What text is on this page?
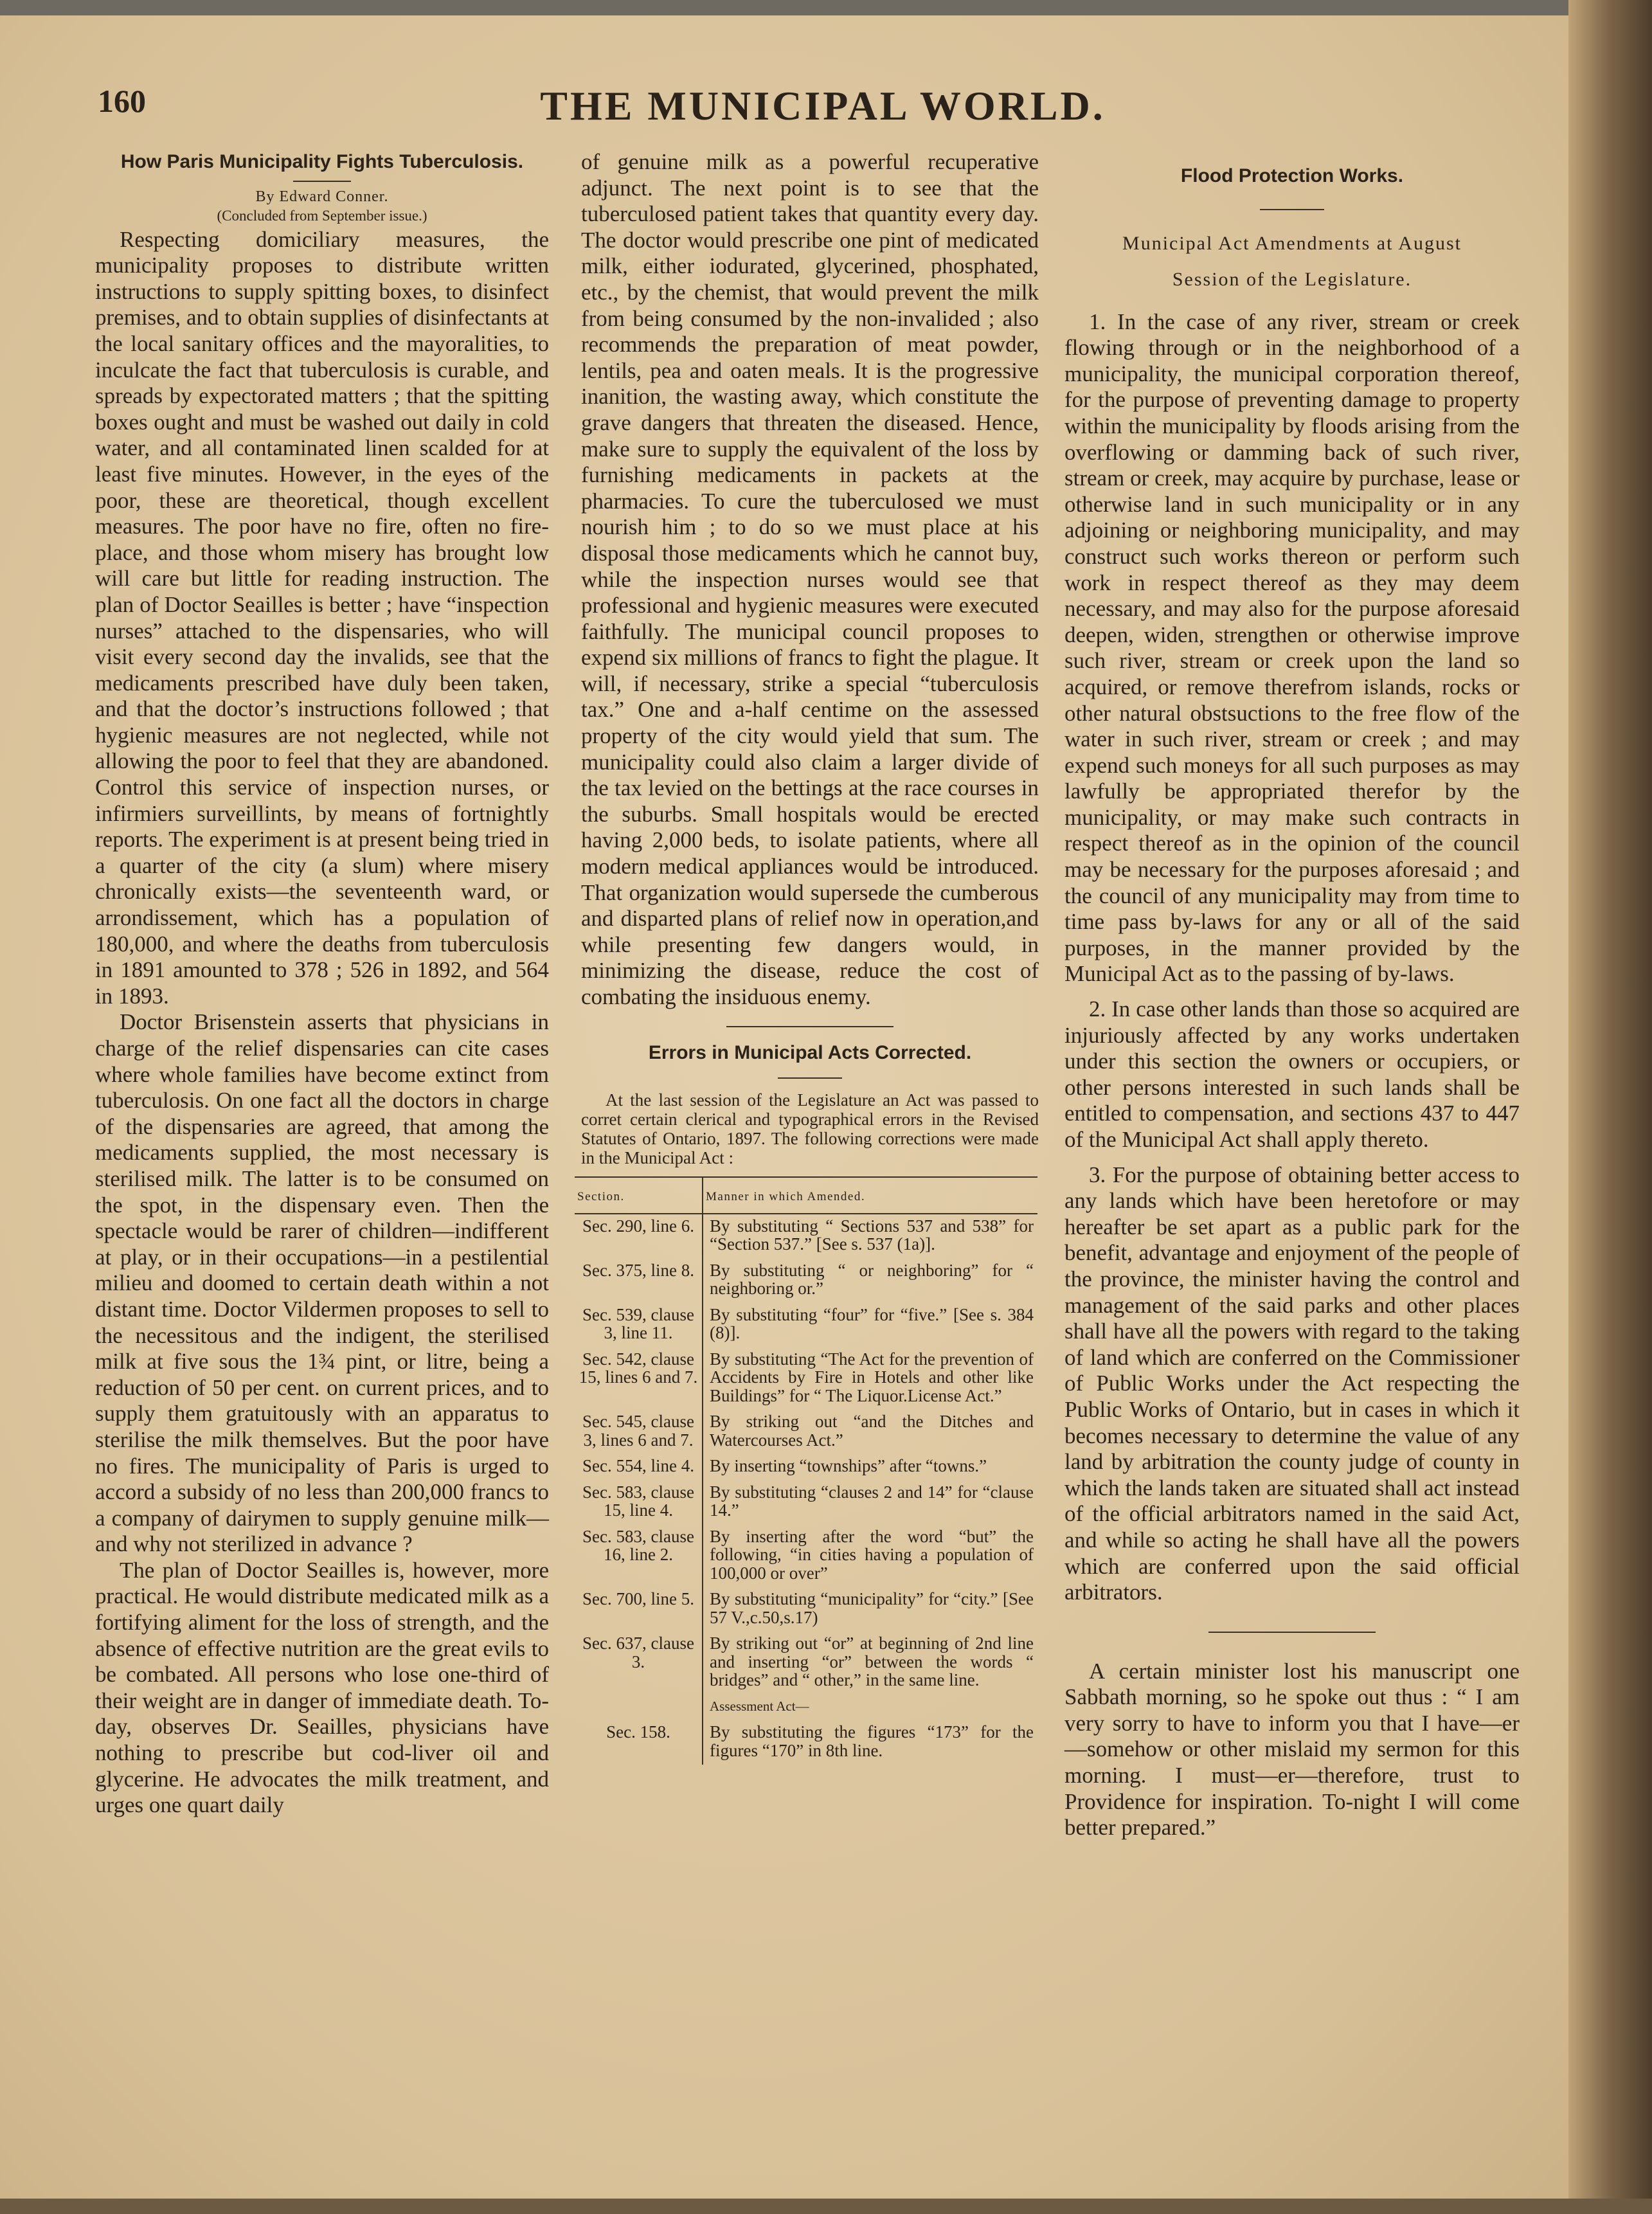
160	THE MUNICIPAL WORLD.

How Paris Municipality Fights Tuberculosis.

By Edward Conner.
(Concluded from September issue.)

Respecting domiciliary measures, the municipality proposes to distribute written instructions to supply spitting boxes, to disinfect premises, and to obtain supplies of disinfectants at the local sanitary offices and the mayoralities, to inculcate the fact that tuberculosis is curable, and spreads by expectorated matters ; that the spitting boxes ought and must be washed out daily in cold water, and all contaminated linen scalded for at least five minutes. However, in the eyes of the poor, these are theoretical, though excellent measures. The poor have no fire, often no fire-place, and those whom misery has brought low will care but little for reading instruction. The plan of Doctor Seailles is better ; have “inspection nurses” attached to the dispensaries, who will visit every second day the invalids, see that the medicaments prescribed have duly been taken, and that the doctor’s instructions followed ; that hygienic measures are not neglected, while not allowing the poor to feel that they are abandoned. Control this service of inspection nurses, or infirmiers surveillints, by means of fortnightly reports. The experiment is at present being tried in a quarter of the city (a slum) where misery chronically exists—the seventeenth ward, or arrondissement, which has a population of 180,000, and where the deaths from tuberculosis in 1891 amounted to 378 ; 526 in 1892, and 564 in 1893.

Doctor Brisenstein asserts that physicians in charge of the relief dispensaries can cite cases where whole families have become extinct from tuberculosis. On one fact all the doctors in charge of the dispensaries are agreed, that among the medicaments supplied, the most necessary is sterilised milk. The latter is to be consumed on the spot, in the dispensary even. Then the spectacle would be rarer of children—indifferent at play, or in their occupations—in a pestilential milieu and doomed to certain death within a not distant time. Doctor Vildermen proposes to sell to the necessitous and the indigent, the sterilised milk at five sous the 1¾ pint, or litre, being a reduction of 50 per cent. on current prices, and to supply them gratuitously with an apparatus to sterilise the milk themselves. But the poor have no fires. The municipality of Paris is urged to accord a subsidy of no less than 200,000 francs to a company of dairymen to supply genuine milk—and why not sterilized in advance ?

The plan of Doctor Seailles is, however, more practical. He would distribute medicated milk as a fortifying aliment for the loss of strength, and the absence of effective nutrition are the great evils to be combated. All persons who lose one-third of their weight are in danger of immediate death. To-day, observes Dr. Seailles, physicians have nothing to prescribe but cod-liver oil and glycerine. He advocates the milk treatment, and urges one quart daily

of genuine milk as a powerful recuperative adjunct. The next point is to see that the tuberculosed patient takes that quantity every day. The doctor would prescribe one pint of medicated milk, either iodurated, glycerined, phosphated, etc., by the chemist, that would prevent the milk from being consumed by the non-invalided ; also recommends the preparation of meat powder, lentils, pea and oaten meals. It is the progressive inanition, the wasting away, which constitute the grave dangers that threaten the diseased. Hence, make sure to supply the equivalent of the loss by furnishing medicaments in packets at the pharmacies. To cure the tuberculosed we must nourish him ; to do so we must place at his disposal those medicaments which he cannot buy, while the inspection nurses would see that professional and hygienic measures were executed faithfully. The municipal council proposes to expend six millions of francs to fight the plague. It will, if necessary, strike a special “tuberculosis tax.” One and a-half centime on the assessed property of the city would yield that sum. The municipality could also claim a larger divide of the tax levied on the bettings at the race courses in the suburbs. Small hospitals would be erected having 2,000 beds, to isolate patients, where all modern medical appliances would be introduced. That organization would supersede the cumberous and disparted plans of relief now in operation,and while presenting few dangers would, in minimizing the disease, reduce the cost of combating the insiduous enemy.

Errors in Municipal Acts Corrected.

At the last session of the Legislature an Act was passed to corret certain clerical and typographical errors in the Revised Statutes of Ontario, 1897. The following corrections were made in the Municipal Act :

Section.	Manner in which Amended.
Sec. 290, line 6.	By substituting “ Sections 537 and 538” for “Section 537.” [See s. 537 (1a)].
Sec. 375, line 8.	By substituting “ or neighboring” for “ neighboring or.”
Sec. 539, clause 3, line 11.	By substituting “four” for “five.” [See s. 384 (8)].
Sec. 542, clause 15, lines 6 and 7.	By substituting “The Act for the prevention of Accidents by Fire in Hotels and other like Buildings” for “ The Liquor.License Act.”
Sec. 545, clause 3, lines 6 and 7.	By striking out “and the Ditches and Watercourses Act.”
Sec. 554, line 4.	By inserting “townships” after “towns.”
Sec. 583, clause 15, line 4.	By substituting “clauses 2 and 14” for “clause 14.”
Sec. 583, clause 16, line 2.	By inserting after the word “but” the following, “in cities having a population of 100,000 or over”
Sec. 700, line 5.	By substituting “municipality” for “city.” [See 57 V.,c.50,s.17)
Sec. 637, clause 3.	By striking out “or” at beginning of 2nd line and inserting “or” between the words “ bridges” and “ other,” in the same line.
	Assessment Act—
Sec. 158.	By substituting the figures “173” for the figures “170” in 8th line.

Flood Protection Works.

Municipal Act Amendments at August

Session of the Legislature.

1. In the case of any river, stream or creek flowing through or in the neighborhood of a municipality, the municipal corporation thereof, for the purpose of preventing damage to property within the municipality by floods arising from the overflowing or damming back of such river, stream or creek, may acquire by purchase, lease or otherwise land in such municipality or in any adjoining or neighboring municipality, and may construct such works thereon or perform such work in respect thereof as they may deem necessary, and may also for the purpose aforesaid deepen, widen, strengthen or otherwise improve such river, stream or creek upon the land so acquired, or remove therefrom islands, rocks or other natural obstsuctions to the free flow of the water in such river, stream or creek ; and may expend such moneys for all such purposes as may lawfully be appropriated therefor by the municipality, or may make such contracts in respect thereof as in the opinion of the council may be necessary for the purposes aforesaid ; and the council of any municipality may from time to time pass by-laws for any or all of the said purposes, in the manner provided by the Municipal Act as to the passing of by-laws.

2. In case other lands than those so acquired are injuriously affected by any works undertaken under this section the owners or occupiers, or other persons interested in such lands shall be entitled to compensation, and sections 437 to 447 of the Municipal Act shall apply thereto.

3. For the purpose of obtaining better access to any lands which have been heretofore or may hereafter be set apart as a public park for the benefit, advantage and enjoyment of the people of the province, the minister having the control and management of the said parks and other places shall have all the powers with regard to the taking of land which are conferred on the Commissioner of Public Works under the Act respecting the Public Works of Ontario, but in cases in which it becomes necessary to determine the value of any land by arbitration the county judge of county in which the lands taken are situated shall act instead of the official arbitrators named in the said Act, and while so acting he shall have all the powers which are conferred upon the said official arbitrators.

A certain minister lost his manuscript one Sabbath morning, so he spoke out thus : “ I am very sorry to have to inform you that I have—er—somehow or other mislaid my sermon for this morning. I must—er—therefore, trust to Providence for inspiration. To-night I will come better prepared.”
